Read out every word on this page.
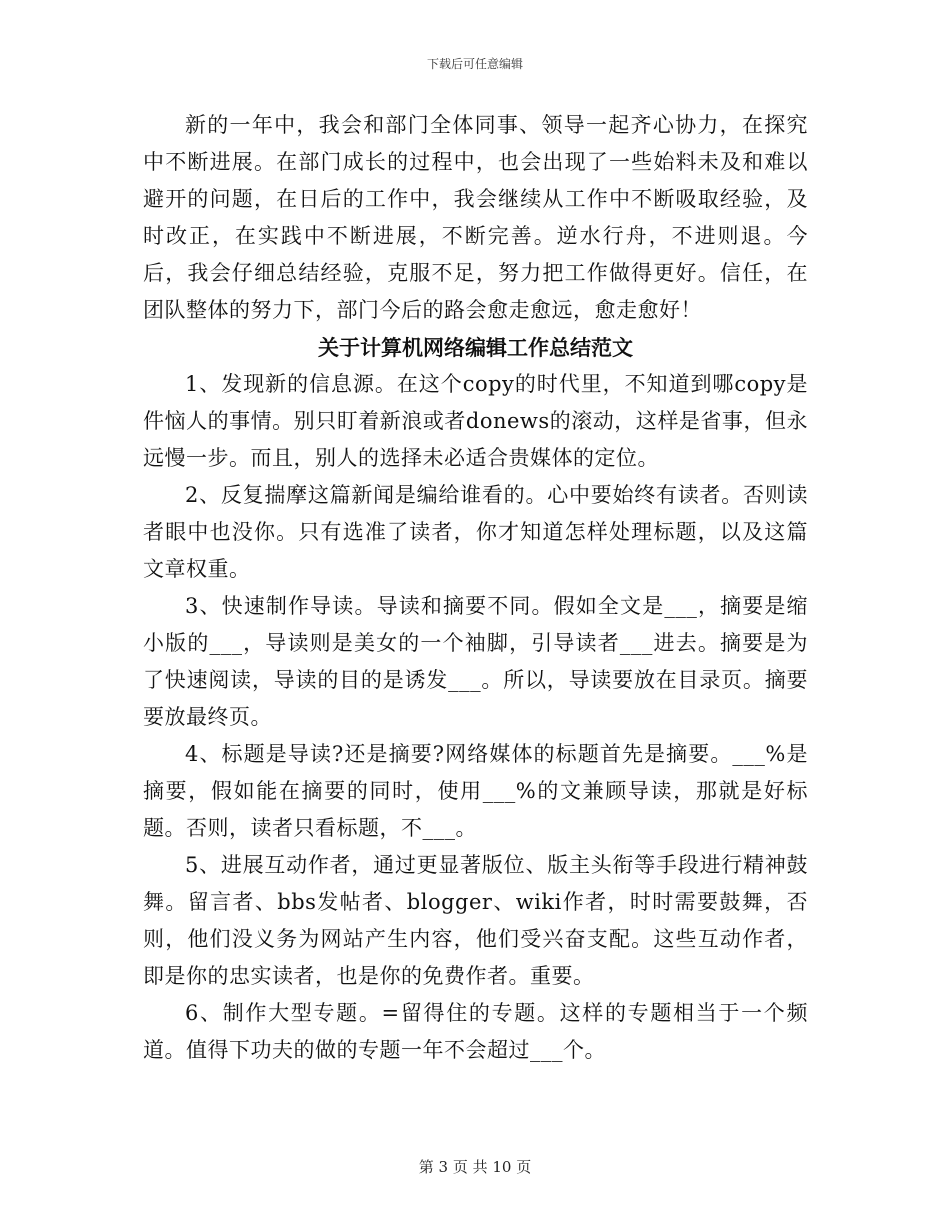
下载后可任意编辑

新的一年中，我会和部门全体同事、领导一起齐心协力，在探究中不断进展。在部门成长的过程中，也会出现了一些始料未及和难以避开的问题，在日后的工作中，我会继续从工作中不断吸取经验，及时改正，在实践中不断进展，不断完善。逆水行舟，不进则退。今后，我会仔细总结经验，克服不足，努力把工作做得更好。信任，在团队整体的努力下，部门今后的路会愈走愈远，愈走愈好！

关于计算机网络编辑工作总结范文

1、发现新的信息源。在这个copy的时代里，不知道到哪copy是件恼人的事情。别只盯着新浪或者donews的滚动，这样是省事，但永远慢一步。而且，别人的选择未必适合贵媒体的定位。

2、反复揣摩这篇新闻是编给谁看的。心中要始终有读者。否则读者眼中也没你。只有选准了读者，你才知道怎样处理标题，以及这篇文章权重。

3、快速制作导读。导读和摘要不同。假如全文是___，摘要是缩小版的___，导读则是美女的一个袖脚，引导读者___进去。摘要是为了快速阅读，导读的目的是诱发___。所以，导读要放在目录页。摘要要放最终页。

4、标题是导读?还是摘要?网络媒体的标题首先是摘要。___%是摘要，假如能在摘要的同时，使用___%的文兼顾导读，那就是好标题。否则，读者只看标题，不___。

5、进展互动作者，通过更显著版位、版主头衔等手段进行精神鼓舞。留言者、bbs发帖者、blogger、wiki作者，时时需要鼓舞，否则，他们没义务为网站产生内容，他们受兴奋支配。这些互动作者，即是你的忠实读者，也是你的免费作者。重要。

6、制作大型专题。=留得住的专题。这样的专题相当于一个频道。值得下功夫的做的专题一年不会超过___个。

第 3 页 共 10 页
